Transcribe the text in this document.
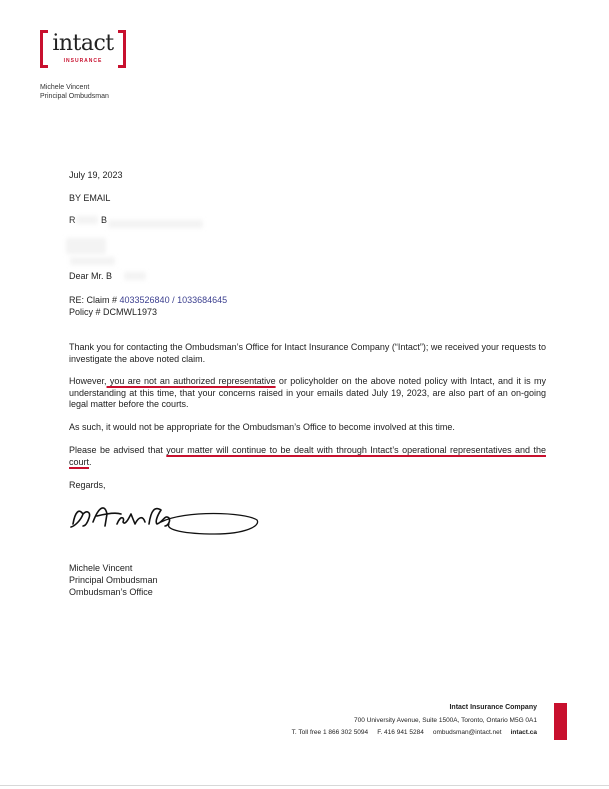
intact
INSURANCE
Michele Vincent
Principal Ombudsman
July 19, 2023
BY EMAIL
R	B
Dear Mr. B
RE: Claim # 4033526840 / 1033684645
Policy # DCMWL1973
Thank you for contacting the Ombudsman’s Office for Intact Insurance Company (“Intact”); we received your requests to investigate the above noted claim.
However, you are not an authorized representative or policyholder on the above noted policy with Intact, and it is my understanding at this time, that your concerns raised in your emails dated July 19, 2023, are also part of an on-going legal matter before the courts.
As such, it would not be appropriate for the Ombudsman’s Office to become involved at this time.
Please be advised that your matter will continue to be dealt with through Intact’s operational representatives and the court.
Regards,
Michele Vincent
Principal Ombudsman
Ombudsman’s Office
Intact Insurance Company
700 University Avenue, Suite 1500A, Toronto, Ontario M5G 0A1
T. Toll free 1 866 302 5094 F. 416 941 5284 ombudsman@intact.net intact.ca
